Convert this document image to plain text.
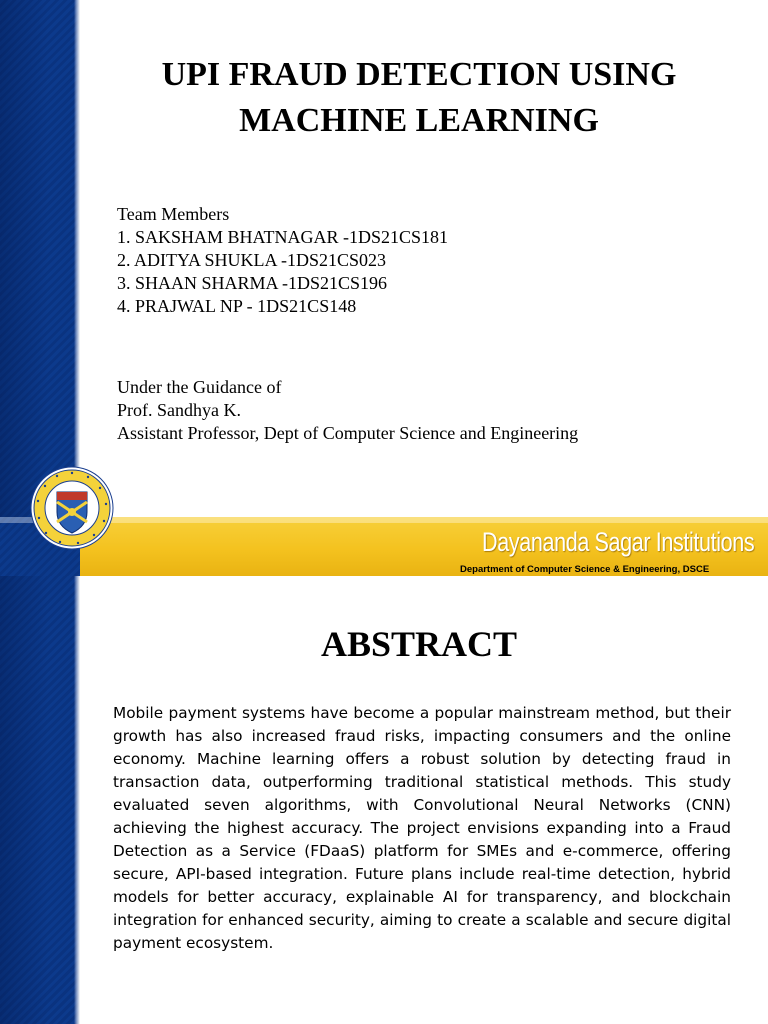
UPI FRAUD DETECTION USING MACHINE LEARNING
Team Members
1. SAKSHAM BHATNAGAR -1DS21CS181
2. ADITYA SHUKLA -1DS21CS023
3. SHAAN SHARMA -1DS21CS196
4. PRAJWAL NP - 1DS21CS148
Under the Guidance of
Prof. Sandhya K.
Assistant Professor, Dept of Computer Science and Engineering
Dayananda Sagar Institutions
Department of Computer Science & Engineering, DSCE
ABSTRACT

Mobile payment systems have become a popular mainstream method, but their growth has also increased fraud risks, impacting consumers and the online economy. Machine learning offers a robust solution by detecting fraud in transaction data, outperforming traditional statistical methods. This study evaluated seven algorithms, with Convolutional Neural Networks (CNN) achieving the highest accuracy. The project envisions expanding into a Fraud Detection as a Service (FDaaS) platform for SMEs and e-commerce, offering secure, API-based integration. Future plans include real-time detection, hybrid models for better accuracy, explainable AI for transparency, and blockchain integration for enhanced security, aiming to create a scalable and secure digital payment ecosystem.
